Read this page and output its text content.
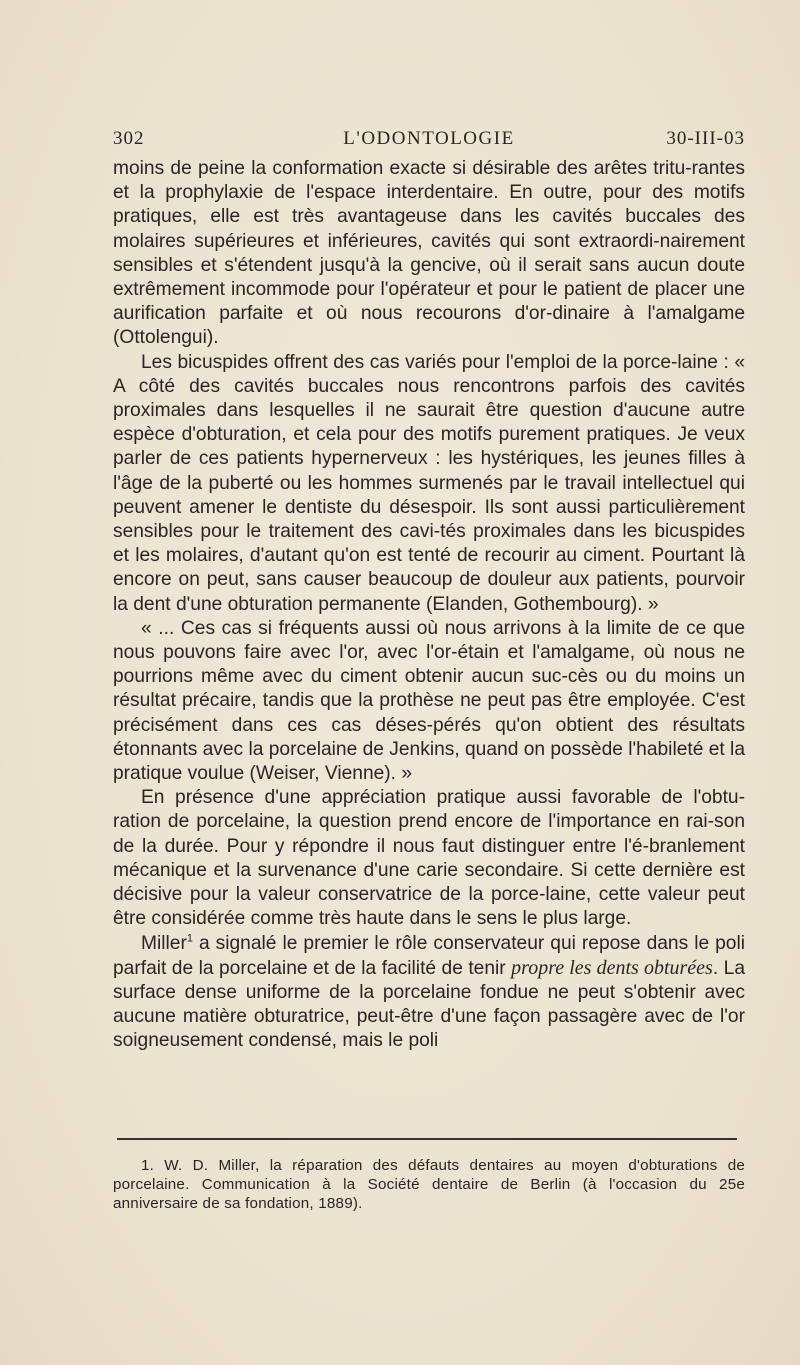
302	L'ODONTOLOGIE	30-III-03

moins de peine la conformation exacte si désirable des arêtes tritu-rantes et la prophylaxie de l'espace interdentaire. En outre, pour des motifs pratiques, elle est très avantageuse dans les cavités buccales des molaires supérieures et inférieures, cavités qui sont extraordi-nairement sensibles et s'étendent jusqu'à la gencive, où il serait sans aucun doute extrêmement incommode pour l'opérateur et pour le patient de placer une aurification parfaite et où nous recourons d'or-dinaire à l'amalgame (Ottolengui).

Les bicuspides offrent des cas variés pour l'emploi de la porce-laine : « A côté des cavités buccales nous rencontrons parfois des cavités proximales dans lesquelles il ne saurait être question d'aucune autre espèce d'obturation, et cela pour des motifs purement pratiques. Je veux parler de ces patients hypernerveux : les hystériques, les jeunes filles à l'âge de la puberté ou les hommes surmenés par le travail intellectuel qui peuvent amener le dentiste du désespoir. Ils sont aussi particulièrement sensibles pour le traitement des cavi-tés proximales dans les bicuspides et les molaires, d'autant qu'on est tenté de recourir au ciment. Pourtant là encore on peut, sans causer beaucoup de douleur aux patients, pourvoir la dent d'une obturation permanente (Elanden, Gothembourg). »

« ... Ces cas si fréquents aussi où nous arrivons à la limite de ce que nous pouvons faire avec l'or, avec l'or-étain et l'amalgame, où nous ne pourrions même avec du ciment obtenir aucun suc-cès ou du moins un résultat précaire, tandis que la prothèse ne peut pas être employée. C'est précisément dans ces cas déses-pérés qu'on obtient des résultats étonnants avec la porcelaine de Jenkins, quand on possède l'habileté et la pratique voulue (Weiser, Vienne). »

En présence d'une appréciation pratique aussi favorable de l'obtu-ration de porcelaine, la question prend encore de l'importance en rai-son de la durée. Pour y répondre il nous faut distinguer entre l'é-branlement mécanique et la survenance d'une carie secondaire. Si cette dernière est décisive pour la valeur conservatrice de la porce-laine, cette valeur peut être considérée comme très haute dans le sens le plus large.

Miller$^1$ a signalé le premier le rôle conservateur qui repose dans le poli parfait de la porcelaine et de la facilité de tenir propre les dents obturées. La surface dense uniforme de la porcelaine fondue ne peut s'obtenir avec aucune matière obturatrice, peut-être d'une façon passagère avec de l'or soigneusement condensé, mais le poli

1. W. D. Miller, la réparation des défauts dentaires au moyen d'obturations de porcelaine. Communication à la Société dentaire de Berlin (à l'occasion du 25e anniversaire de sa fondation, 1889).
